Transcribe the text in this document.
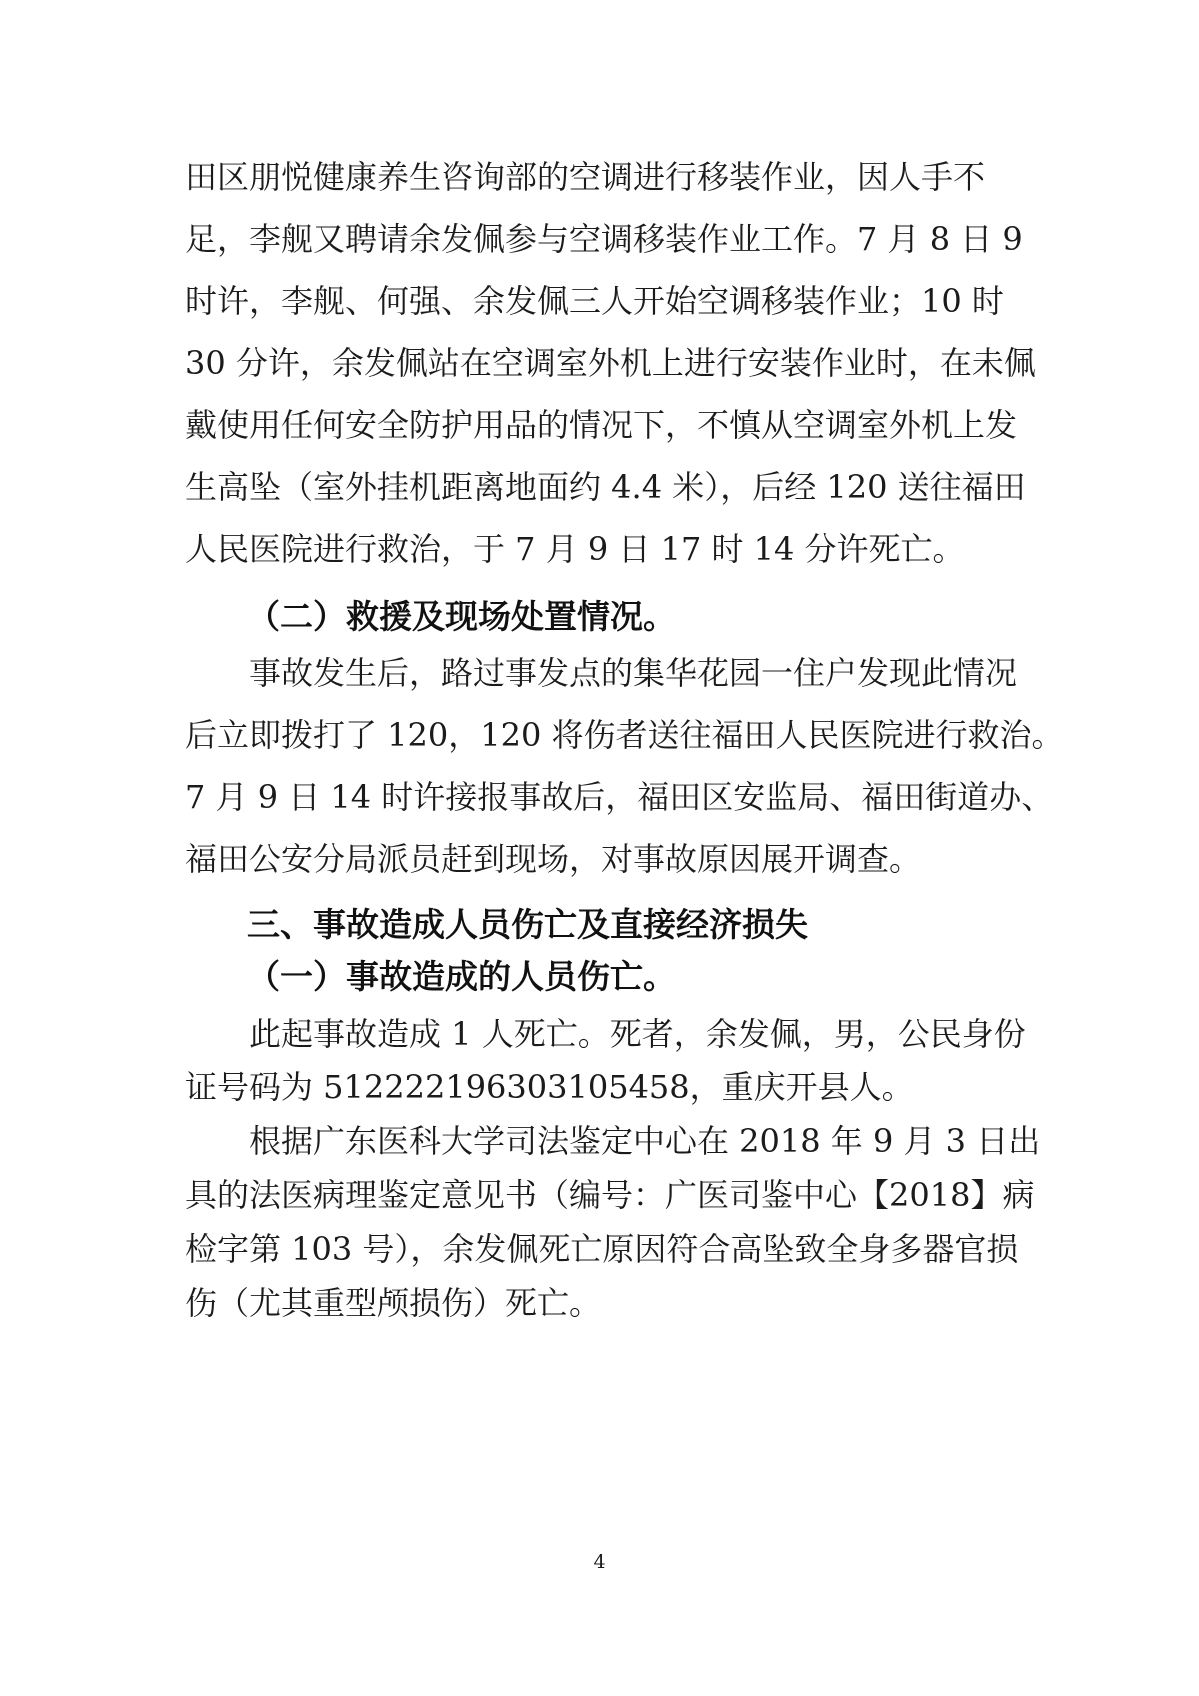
田区朋悦健康养生咨询部的空调进行移装作业，因人手不
足，李舰又聘请余发佩参与空调移装作业工作。7 月 8 日 9
时许，李舰、何强、余发佩三人开始空调移装作业；10 时
30 分许，余发佩站在空调室外机上进行安装作业时，在未佩
戴使用任何安全防护用品的情况下，不慎从空调室外机上发
生高坠（室外挂机距离地面约 4.4 米），后经 120 送往福田
人民医院进行救治，于 7 月 9 日 17 时 14 分许死亡。
（二）救援及现场处置情况。
事故发生后，路过事发点的集华花园一住户发现此情况
后立即拨打了 120，120 将伤者送往福田人民医院进行救治。
7 月 9 日 14 时许接报事故后，福田区安监局、福田街道办、
福田公安分局派员赶到现场，对事故原因展开调查。
三、事故造成人员伤亡及直接经济损失
（一）事故造成的人员伤亡。
此起事故造成 1 人死亡。死者，余发佩，男，公民身份
证号码为 512222196303105458，重庆开县人。
根据广东医科大学司法鉴定中心在 2018 年 9 月 3 日出
具的法医病理鉴定意见书（编号：广医司鉴中心【2018】病
检字第 103 号），余发佩死亡原因符合高坠致全身多器官损
伤（尤其重型颅损伤）死亡。
4
